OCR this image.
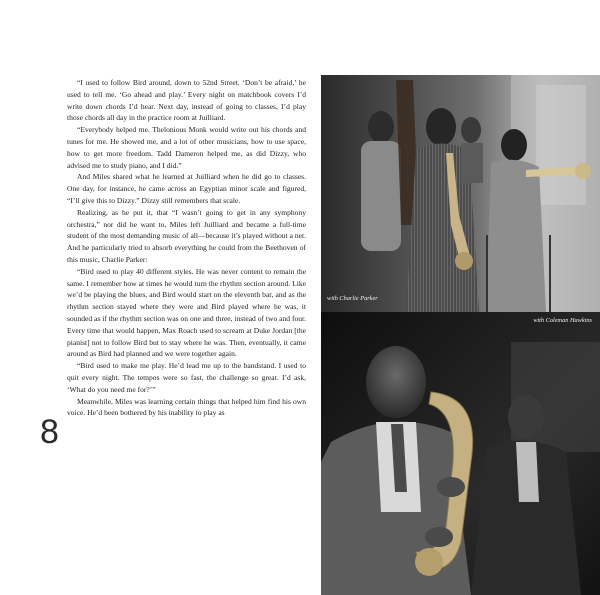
“I used to follow Bird around, down to 52nd Street. ‘Don’t be afraid,’ he used to tell me. ‘Go ahead and play.’ Every night on matchbook covers I’d write down chords I’d hear. Next day, instead of going to classes, I’d play those chords all day in the practice room at Juilliard.

“Everybody helped me. Thelonious Monk would write out his chords and tunes for me. He showed me, and a lot of other musicians, how to use space, how to get more freedom. Tadd Dameron helped me, as did Dizzy, who advised me to study piano, and I did.”

And Miles shared what he learned at Juilliard when he did go to classes. One day, for instance, he came across an Egyptian minor scale and figured, “I’ll give this to Dizzy.” Dizzy still remembers that scale.

Realizing, as he put it, that “I wasn’t going to get in any symphony orchestra,” nor did he want to, Miles left Juilliard and became a full-time student of the most demanding music of all—because it’s played without a net. And he particularly tried to absorb everything he could from the Beethoven of this music, Charlie Parker:

“Bird used to play 40 different styles. He was never content to remain the same. I remember how at times he would turn the rhythm section around. Like we’d be playing the blues, and Bird would start on the eleventh bar, and as the rhythm section stayed where they were and Bird played where he was, it sounded as if the rhythm section was on one and three, instead of two and four. Every time that would happen, Max Roach used to scream at Duke Jordan [the pianist] not to follow Bird but to stay where he was. Then, eventually, it came around as Bird had planned and we were together again.

“Bird used to make me play. He’d lead me up to the bandstand. I used to quit every night. The tempos were so fast, the challenge so great. I’d ask, ‘What do you need me for?’”

Meanwhile, Miles was learning certain things that helped him find his own voice. He’d been bothered by his inability to play as

8
with Charlie Parker
with Coleman Hawkins
